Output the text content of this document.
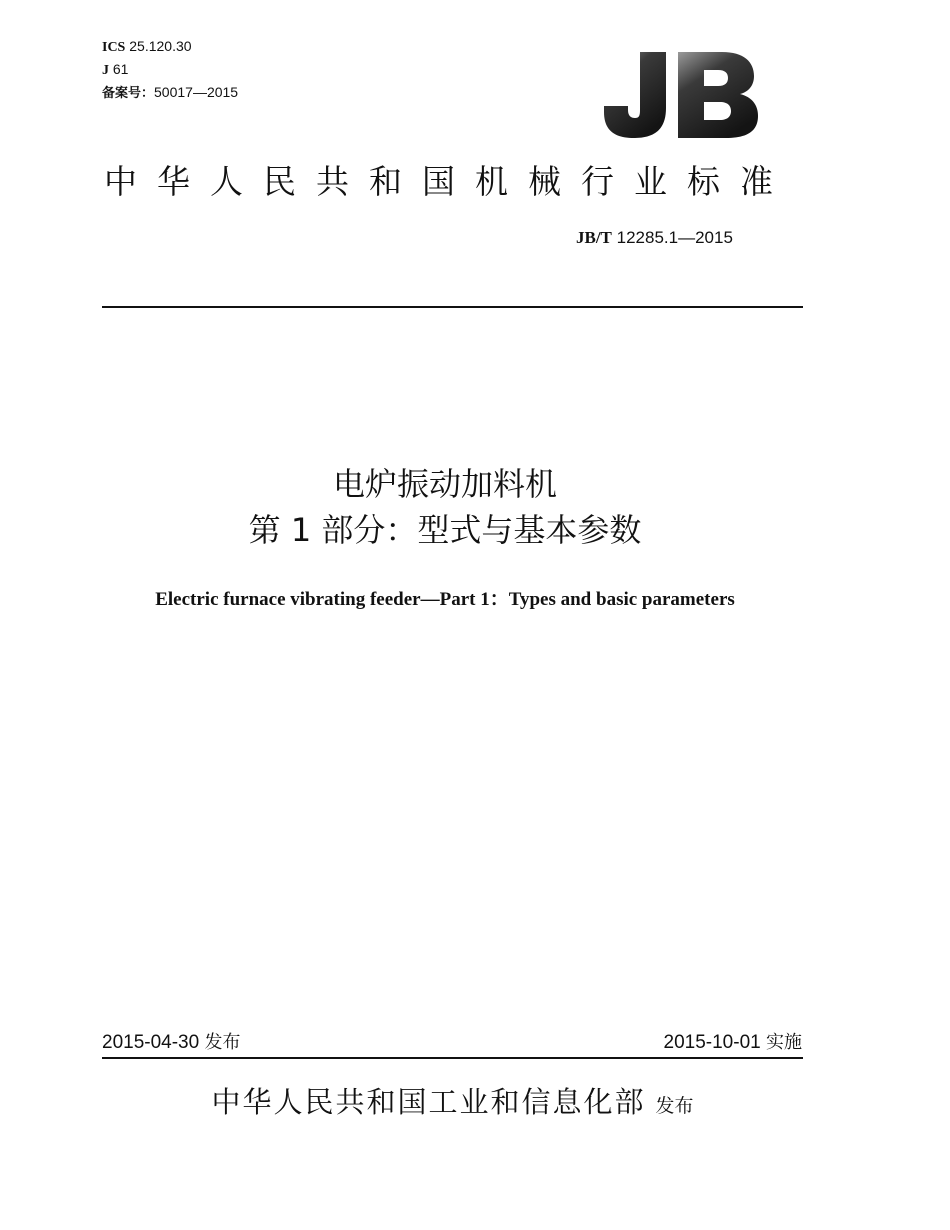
ICS 25.120.30
J 61
备案号：50017—2015
中华人民共和国机械行业标准
JB/T 12285.1—2015
电炉振动加料机
第 1 部分：型式与基本参数
Electric furnace vibrating feeder—Part 1：Types and basic parameters
2015-04-30 发布	2015-10-01 实施
中华人民共和国工业和信息化部 发布
